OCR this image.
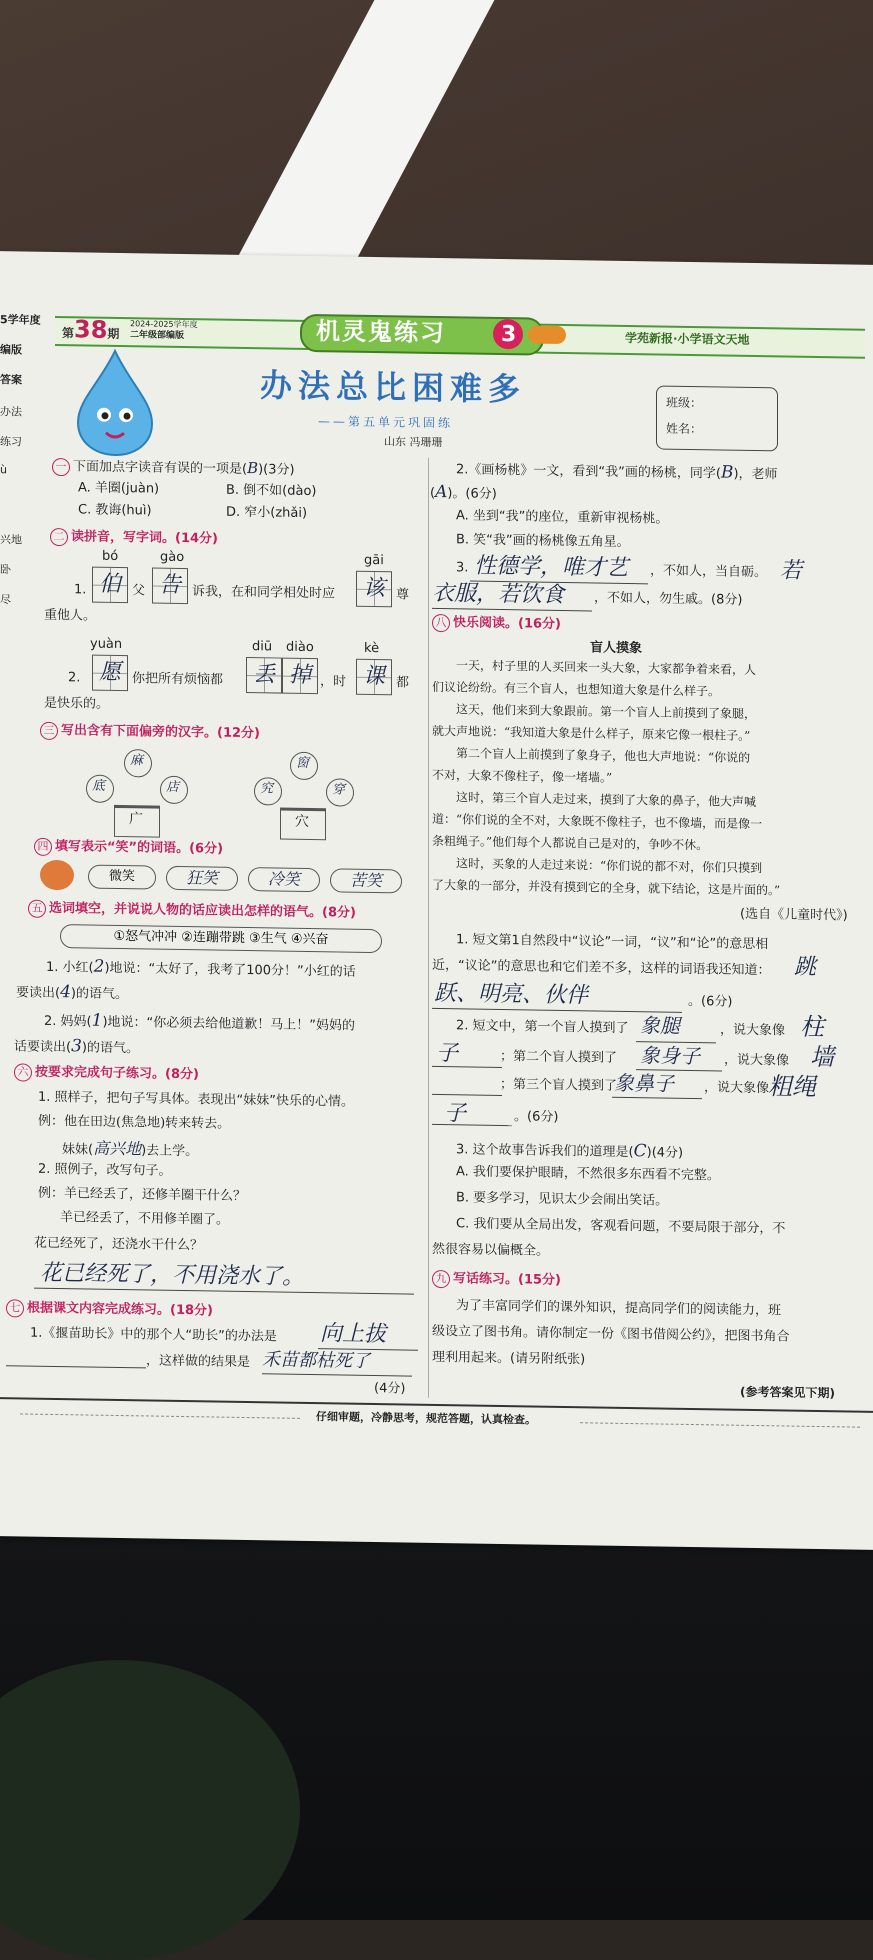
5学年度
编版
答案
办法
练习
ù
兴地
卧
尽
第38期
2024-2025学年度
二年级部编版	机灵鬼练习	3	学苑新报·小学语文天地
办法总比困难多
——第五单元巩固练
山东 冯珊珊
班级：
姓名：
一 下面加点字读音有误的一项是(B)(3分)
A. 羊圈(juàn)	B. 倒不如(dào)
C. 教诲(huì)	D. 窄小(zhǎi)
二 读拼音，写字词。(14分)
bó	gào	gāi
伯 告	该
1.	父	诉我，在和同学相处时应	尊
重他人。
yuàn	diū diào	kè
愿	丢 掉 课
2.	你把所有烦恼都	，时	都
是快乐的。
三 写出含有下面偏旁的汉字。(12分)
麻
底	店
广
窗
究	穿
穴
四 填写表示“笑”的词语。(6分)
微笑	狂笑	冷笑	苦笑
五 选词填空，并说说人物的话应读出怎样的语气。(8分)
①怒气冲冲 ②连蹦带跳 ③生气 ④兴奋
1. 小红(2)地说：“太好了，我考了100分！”小红的话
要读出(4)的语气。
2. 妈妈(1)地说：“你必须去给他道歉！马上！”妈妈的
话要读出(3)的语气。
六 按要求完成句子练习。(8分)
1. 照样子，把句子写具体。表现出“妹妹”快乐的心情。
例：他在田边(焦急地)转来转去。
妹妹(高兴地)去上学。
2. 照例子，改写句子。
例：羊已经丢了，还修羊圈干什么？
羊已经丢了，不用修羊圈了。
花已经死了，还浇水干什么？
花已经死了，不用浇水了。
七 根据课文内容完成练习。(18分)
1.《揠苗助长》中的那个人“助长”的办法是 向上拔
，这样做的结果是 禾苗都枯死了
(4分)
2.《画杨桃》一文，看到“我”画的杨桃，同学(B)，老师
(A)。(6分)
A. 坐到“我”的座位，重新审视杨桃。
B. 笑“我”画的杨桃像五角星。
3. 性德学，唯才艺 ，不如人，当自砺。 若
衣服，若饮食 ，不如人，勿生戚。(8分)
八 快乐阅读。(16分)
盲人摸象
一天，村子里的人买回来一头大象，大家都争着来看，人
们议论纷纷。有三个盲人，也想知道大象是什么样子。
这天，他们来到大象跟前。第一个盲人上前摸到了象腿，
就大声地说：“我知道大象是什么样子，原来它像一根柱子。”
第二个盲人上前摸到了象身子，他也大声地说：“你说的
不对，大象不像柱子，像一堵墙。”
这时，第三个盲人走过来，摸到了大象的鼻子，他大声喊
道：“你们说的全不对，大象既不像柱子，也不像墙，而是像一
条粗绳子。”他们每个人都说自己是对的，争吵不休。
这时，买象的人走过来说：“你们说的都不对，你们只摸到
了大象的一部分，并没有摸到它的全身，就下结论，这是片面的。”
(选自《儿童时代》)
1. 短文第1自然段中“议论”一词，“议”和“论”的意思相
近，“议论”的意思也和它们差不多，这样的词语我还知道： 跳
跃、明亮、伙伴	。(6分)
2. 短文中，第一个盲人摸到了 象腿	，说大象像 柱
子	；第二个盲人摸到了 象身子 ，说大象像 墙
；第三个盲人摸到了
象鼻子 ，说大象像
粗绳
子	。(6分)
3. 这个故事告诉我们的道理是(C)(4分)
A. 我们要保护眼睛，不然很多东西看不完整。
B. 要多学习，见识太少会闹出笑话。
C. 我们要从全局出发，客观看问题，不要局限于部分，不
然很容易以偏概全。
九 写话练习。(15分)
为了丰富同学们的课外知识，提高同学们的阅读能力，班
级设立了图书角。请你制定一份《图书借阅公约》，把图书角合
理利用起来。(请另附纸张)
(参考答案见下期)
仔细审题，冷静思考，规范答题，认真检查。
